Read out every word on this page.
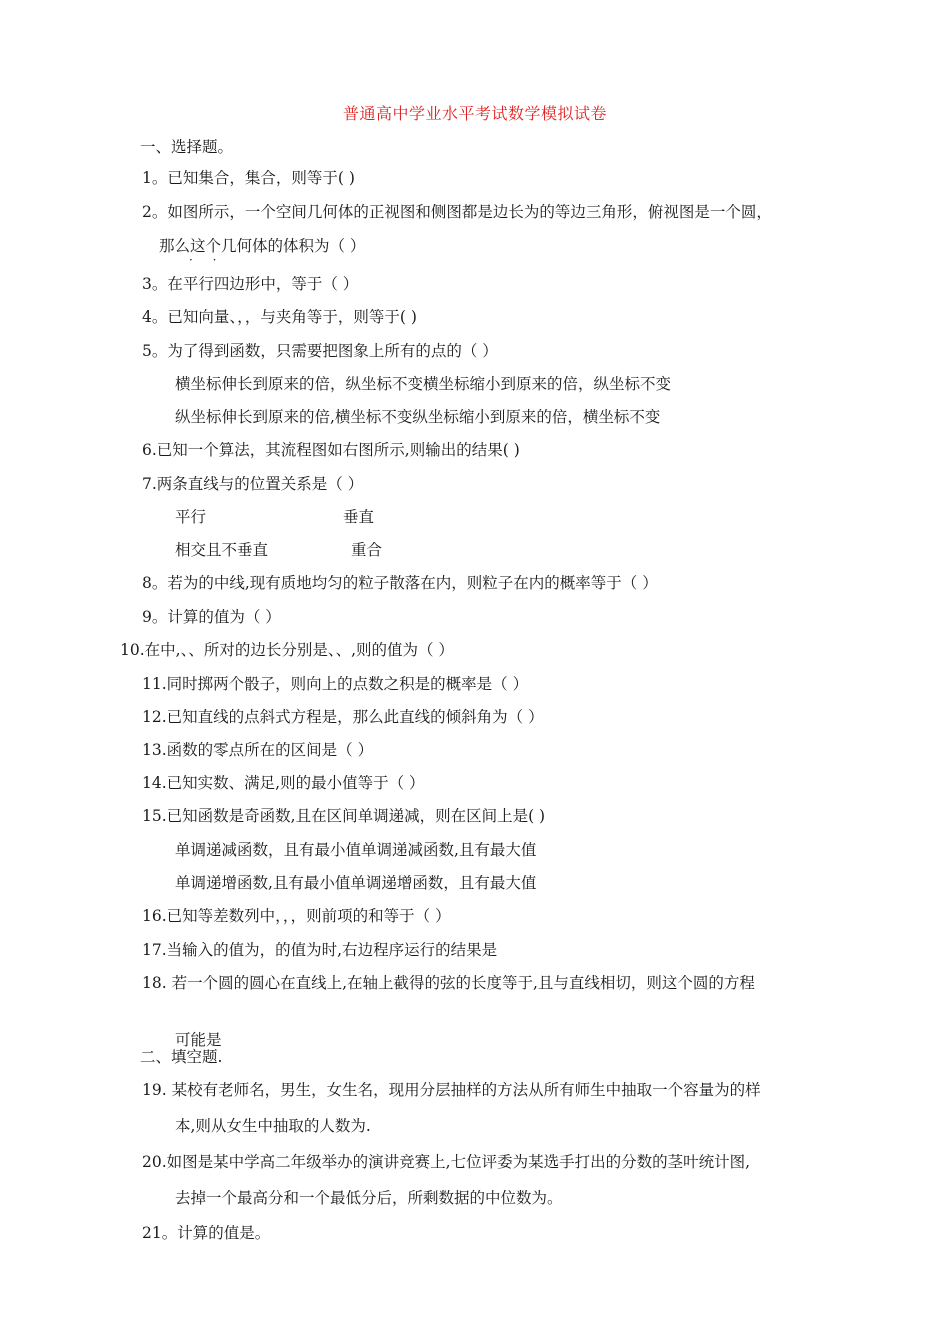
普通高中学业水平考试数学模拟试卷
一、选择题。
1。已知集合，集合，则等于( )
2。如图所示，一个空间几何体的正视图和侧图都是边长为的等边三角形，俯视图是一个圆，
那么这个几何体的体积为（ ） · ·
3。在平行四边形中，等于（ ）
4。已知向量、，，与夹角等于，则等于( )
5。为了得到函数，只需要把图象上所有的点的（ ）
横坐标伸长到原来的倍，纵坐标不变横坐标缩小到原来的倍，纵坐标不变
纵坐标伸长到原来的倍,横坐标不变纵坐标缩小到原来的倍，横坐标不变
6.已知一个算法，其流程图如右图所示,则输出的结果( )
7.两条直线与的位置关系是（ ）
平行	垂直
相交且不垂直	重合
8。若为的中线,现有质地均匀的粒子散落在内，则粒子在内的概率等于（ ）
9。计算的值为（ ）
10.在中,、、所对的边长分别是、、,则的值为（ ）
11.同时掷两个骰子，则向上的点数之积是的概率是（ ）
12.已知直线的点斜式方程是，那么此直线的倾斜角为（ ）
13.函数的零点所在的区间是（ ）
14.已知实数、满足,则的最小值等于（ ）
15.已知函数是奇函数,且在区间单调递减，则在区间上是( )
单调递减函数，且有最小值单调递减函数,且有最大值
单调递增函数,且有最小值单调递增函数，且有最大值
16.已知等差数列中，，，则前项的和等于（ ）
17.当输入的值为，的值为时,右边程序运行的结果是
18. 若一个圆的圆心在直线上,在轴上截得的弦的长度等于,且与直线相切，则这个圆的方程
可能是 ·
二、填空题.
19. 某校有老师名，男生，女生名，现用分层抽样的方法从所有师生中抽取一个容量为的样
本,则从女生中抽取的人数为.
20.如图是某中学高二年级举办的演讲竞赛上,七位评委为某选手打出的分数的茎叶统计图,
去掉一个最高分和一个最低分后，所剩数据的中位数为。
21。计算的值是。
